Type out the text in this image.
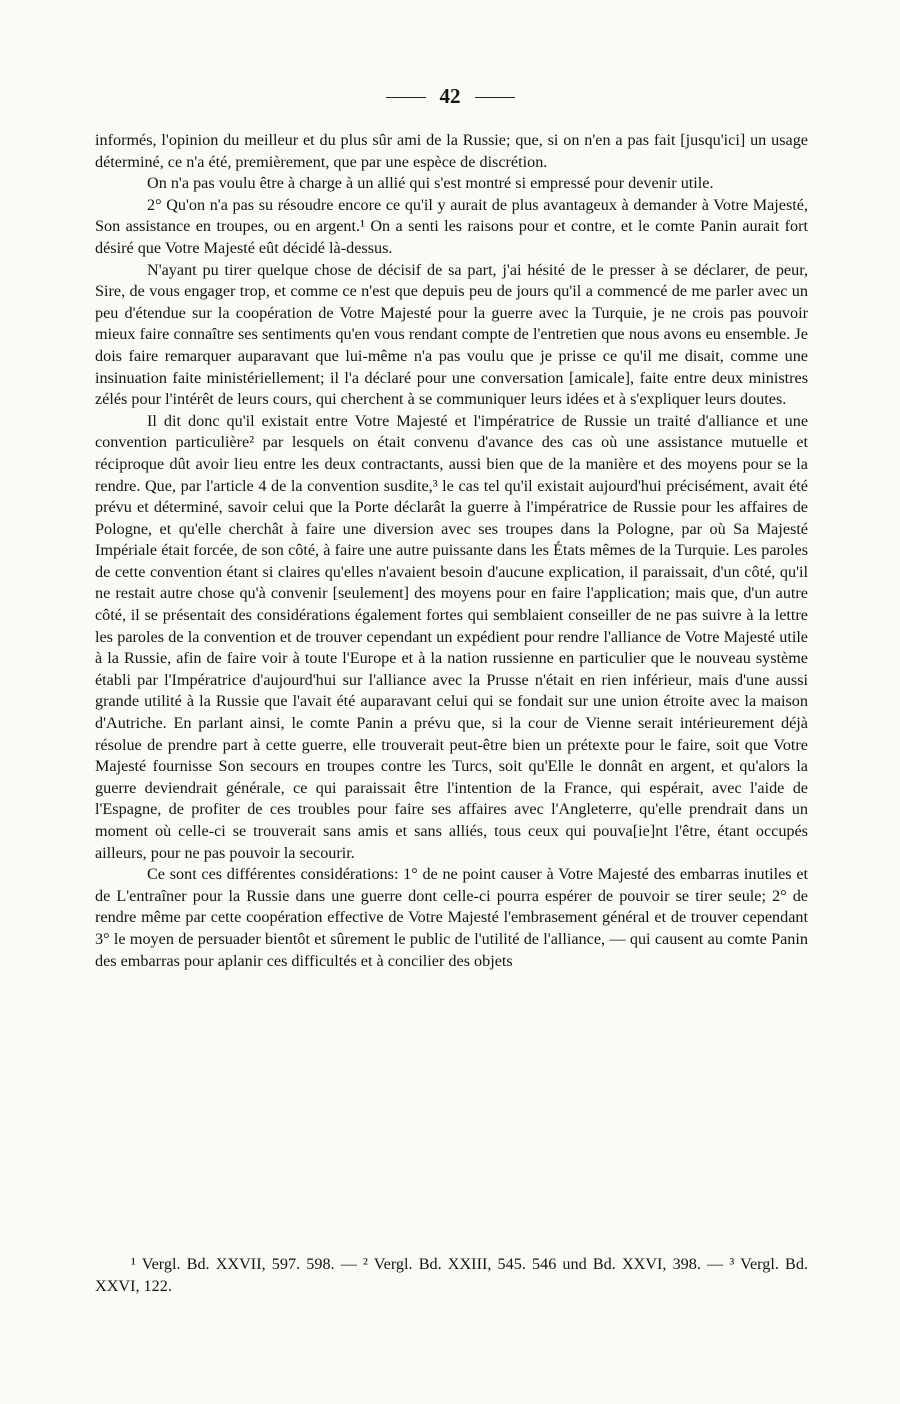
42

informés, l'opinion du meilleur et du plus sûr ami de la Russie; que, si on n'en a pas fait [jusqu'ici] un usage déterminé, ce n'a été, premièrement, que par une espèce de discrétion.

On n'a pas voulu être à charge à un allié qui s'est montré si empressé pour devenir utile.

2° Qu'on n'a pas su résoudre encore ce qu'il y aurait de plus avantageux à demander à Votre Majesté, Son assistance en troupes, ou en argent.¹ On a senti les raisons pour et contre, et le comte Panin aurait fort désiré que Votre Majesté eût décidé là-dessus.

N'ayant pu tirer quelque chose de décisif de sa part, j'ai hésité de le presser à se déclarer, de peur, Sire, de vous engager trop, et comme ce n'est que depuis peu de jours qu'il a commencé de me parler avec un peu d'étendue sur la coopération de Votre Majesté pour la guerre avec la Turquie, je ne crois pas pouvoir mieux faire connaître ses sentiments qu'en vous rendant compte de l'entretien que nous avons eu ensemble. Je dois faire remarquer auparavant que lui-même n'a pas voulu que je prisse ce qu'il me disait, comme une insinuation faite ministériellement; il l'a déclaré pour une conversation [amicale], faite entre deux ministres zélés pour l'intérêt de leurs cours, qui cherchent à se communiquer leurs idées et à s'expliquer leurs doutes.

Il dit donc qu'il existait entre Votre Majesté et l'impératrice de Russie un traité d'alliance et une convention particulière² par lesquels on était convenu d'avance des cas où une assistance mutuelle et réciproque dût avoir lieu entre les deux contractants, aussi bien que de la manière et des moyens pour se la rendre. Que, par l'article 4 de la convention susdite,³ le cas tel qu'il existait aujourd'hui précisément, avait été prévu et déterminé, savoir celui que la Porte déclarât la guerre à l'impératrice de Russie pour les affaires de Pologne, et qu'elle cherchât à faire une diversion avec ses troupes dans la Pologne, par où Sa Majesté Impériale était forcée, de son côté, à faire une autre puissante dans les États mêmes de la Turquie. Les paroles de cette convention étant si claires qu'elles n'avaient besoin d'aucune explication, il paraissait, d'un côté, qu'il ne restait autre chose qu'à convenir [seulement] des moyens pour en faire l'application; mais que, d'un autre côté, il se présentait des considérations également fortes qui semblaient conseiller de ne pas suivre à la lettre les paroles de la convention et de trouver cependant un expédient pour rendre l'alliance de Votre Majesté utile à la Russie, afin de faire voir à toute l'Europe et à la nation russienne en particulier que le nouveau système établi par l'Impératrice d'aujourd'hui sur l'alliance avec la Prusse n'était en rien inférieur, mais d'une aussi grande utilité à la Russie que l'avait été auparavant celui qui se fondait sur une union étroite avec la maison d'Autriche. En parlant ainsi, le comte Panin a prévu que, si la cour de Vienne serait intérieurement déjà résolue de prendre part à cette guerre, elle trouverait peut-être bien un prétexte pour le faire, soit que Votre Majesté fournisse Son secours en troupes contre les Turcs, soit qu'Elle le donnât en argent, et qu'alors la guerre deviendrait générale, ce qui paraissait être l'intention de la France, qui espérait, avec l'aide de l'Espagne, de profiter de ces troubles pour faire ses affaires avec l'Angleterre, qu'elle prendrait dans un moment où celle-ci se trouverait sans amis et sans alliés, tous ceux qui pouva[ie]nt l'être, étant occupés ailleurs, pour ne pas pouvoir la secourir.

Ce sont ces différentes considérations: 1° de ne point causer à Votre Majesté des embarras inutiles et de L'entraîner pour la Russie dans une guerre dont celle-ci pourra espérer de pouvoir se tirer seule; 2° de rendre même par cette coopération effective de Votre Majesté l'embrasement général et de trouver cependant 3° le moyen de persuader bientôt et sûrement le public de l'utilité de l'alliance, — qui causent au comte Panin des embarras pour aplanir ces difficultés et à concilier des objets

¹ Vergl. Bd. XXVII, 597. 598. — ² Vergl. Bd. XXIII, 545. 546 und Bd. XXVI, 398. — ³ Vergl. Bd. XXVI, 122.
